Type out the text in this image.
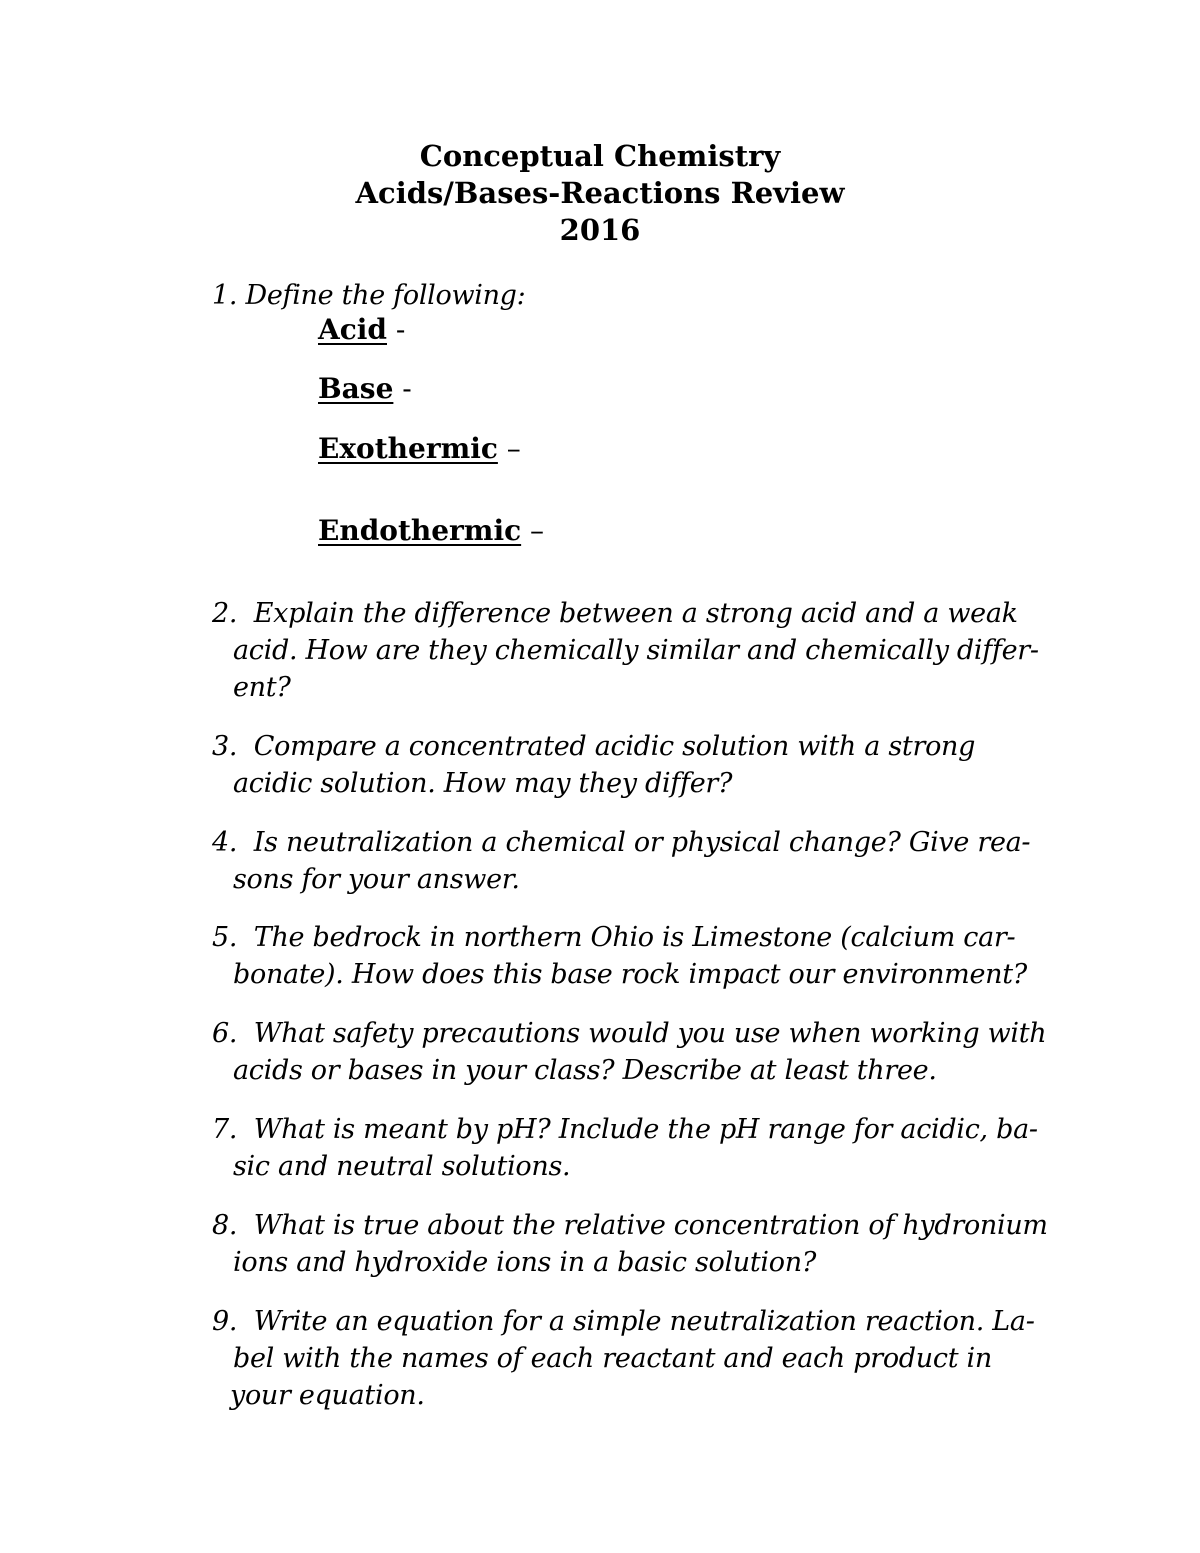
Conceptual Chemistry
Acids/Bases-Reactions Review
2016
1. Define the following:
Acid -
Base -
Exothermic –
Endothermic –
2. Explain the difference between a strong acid and a weak
acid. How are they chemically similar and chemically differ-
ent?
3. Compare a concentrated acidic solution with a strong
acidic solution. How may they differ?
4. Is neutralization a chemical or physical change? Give rea-
sons for your answer.
5. The bedrock in northern Ohio is Limestone (calcium car-
bonate). How does this base rock impact our environment?
6. What safety precautions would you use when working with
acids or bases in your class? Describe at least three.
7. What is meant by pH? Include the pH range for acidic, ba-
sic and neutral solutions.
8. What is true about the relative concentration of hydronium
ions and hydroxide ions in a basic solution?
9. Write an equation for a simple neutralization reaction. La-
bel with the names of each reactant and each product in
your equation.
